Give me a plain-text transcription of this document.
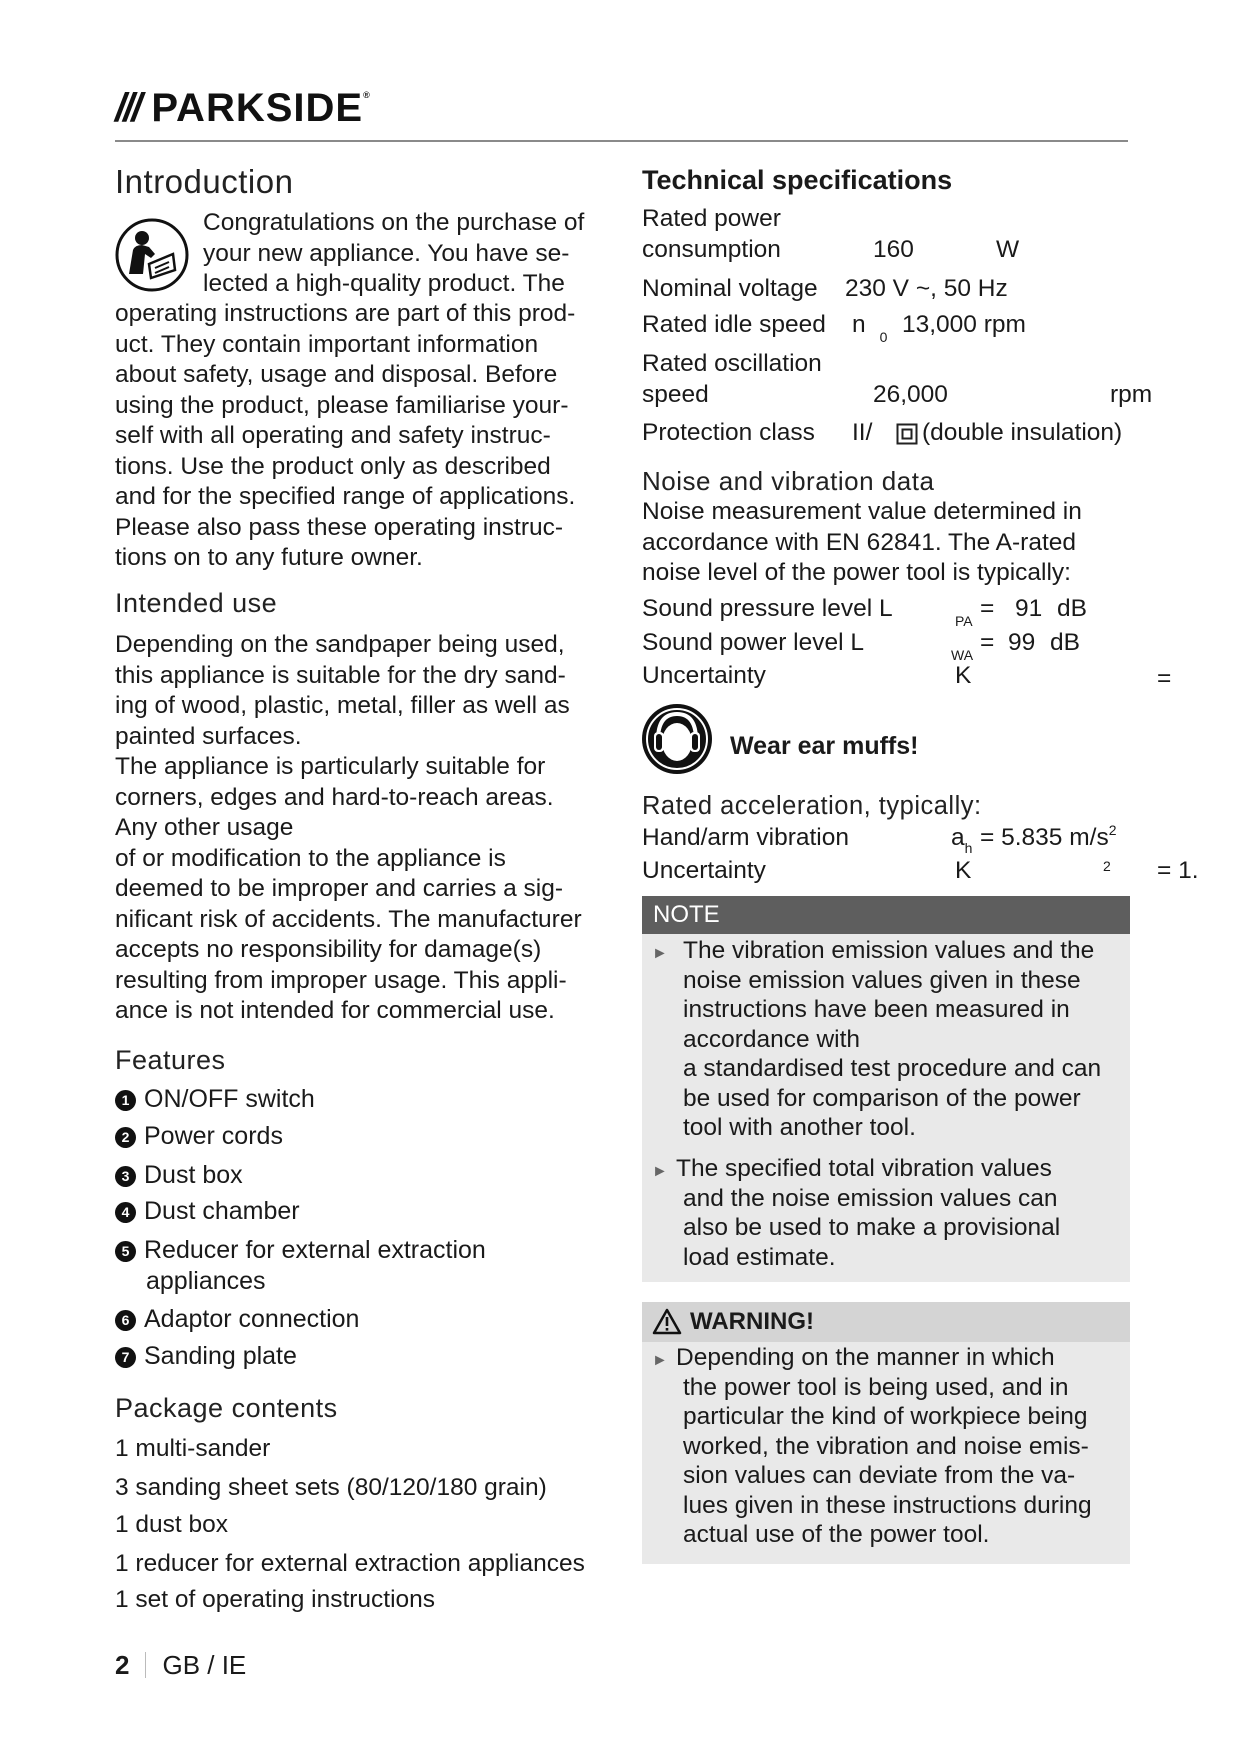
/// PARKSIDE®
Introduction
Congratulations on the purchase of
your new appliance. You have se-
lected a high-quality product. The
operating instructions are part of this prod-
uct. They contain important information
about safety, usage and disposal. Before
using the product, please familiarise your-
self with all operating and safety instruc-
tions. Use the product only as described
and for the specified range of applications.
Please also pass these operating instruc-
tions on to any future owner.
Intended use
Depending on the sandpaper being used,
this appliance is suitable for the dry sand-
ing of wood, plastic, metal, filler as well as
painted surfaces.
The appliance is particularly suitable for
corners, edges and hard-to-reach areas.
Any other usage
of or modification to the appliance is
deemed to be improper and carries a sig-
nificant risk of accidents. The manufacturer
accepts no responsibility for damage(s)
resulting from improper usage. This appli-
ance is not intended for commercial use.
Features
1 ON/OFF switch
2 Power cords
3 Dust box
4 Dust chamber
5 Reducer for external extraction
appliances
6 Adaptor connection
7 Sanding plate
Package contents
1 multi-sander
3 sanding sheet sets (80/120/180 grain)
1 dust box
1 reducer for external extraction appliances
1 set of operating instructions
Technical specifications
Rated power
consumption	160	W
Nominal voltage 230 V ~, 50 Hz
Rated idle speed n $_0$ 13,000 rpm
Rated oscillation
speed	26,000	rpm
Protection class II/ (double insulation)
Noise and vibration data
Noise measurement value determined in
accordance with EN 62841. The A-rated
noise level of the power tool is typically:
Sound pressure level L	PA = 91 dB
Sound power level L	WA = 99 dB
Uncertainty	K	=
Wear ear muffs!
Rated acceleration, typically:
Hand/arm vibration	$a_h = 5.835$ $m/s^2$
Uncertainty	K	2 = 1.
NOTE
► The vibration emission values and the
noise emission values given in these
instructions have been measured in
accordance with
a standardised test procedure and can
be used for comparison of the power
tool with another tool.
► The specified total vibration values
and the noise emission values can
also be used to make a provisional
load estimate.
WARNING!
► Depending on the manner in which
the power tool is being used, and in
particular the kind of workpiece being
worked, the vibration and noise emis-
sion values can deviate from the va-
lues given in these instructions during
actual use of the power tool.
2 GB / IE
